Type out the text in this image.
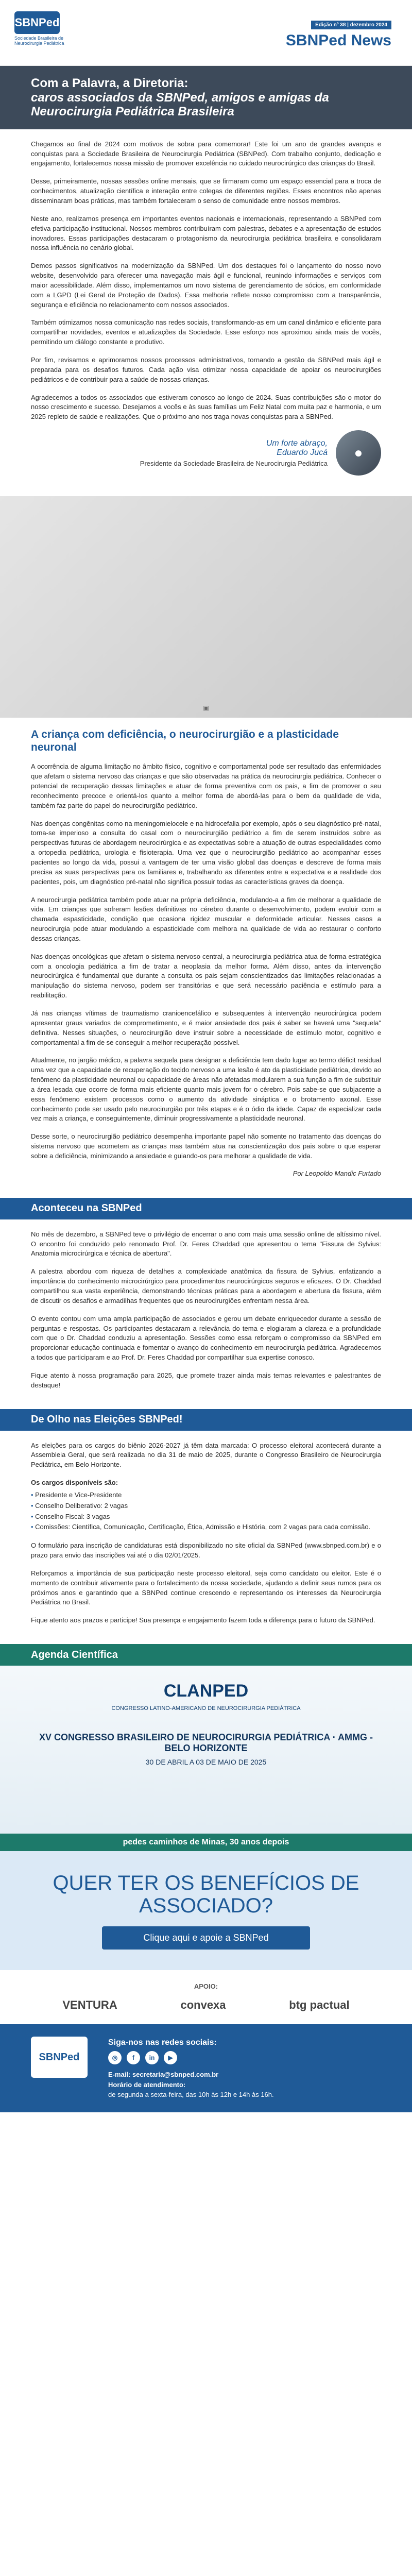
SBNPed
Sociedade Brasileira de Neurocirurgia Pediátrica
Edição nº 38 | dezembro 2024
SBNPed News
Com a Palavra, a Diretoria:
caros associados da SBNPed, amigos e amigas da Neurocirurgia Pediátrica Brasileira

Chegamos ao final de 2024 com motivos de sobra para comemorar! Este foi um ano de grandes avanços e conquistas para a Sociedade Brasileira de Neurocirurgia Pediátrica (SBNPed). Com trabalho conjunto, dedicação e engajamento, fortalecemos nossa missão de promover excelência no cuidado neurocirúrgico das crianças do Brasil.

Desse, primeiramente, nossas sessões online mensais, que se firmaram como um espaço essencial para a troca de conhecimentos, atualização científica e interação entre colegas de diferentes regiões. Esses encontros não apenas disseminaram boas práticas, mas também fortaleceram o senso de comunidade entre nossos membros.

Neste ano, realizamos presença em importantes eventos nacionais e internacionais, representando a SBNPed com efetiva participação institucional. Nossos membros contribuíram com palestras, debates e a apresentação de estudos inovadores. Essas participações destacaram o protagonismo da neurocirurgia pediátrica brasileira e consolidaram nossa influência no cenário global.

Demos passos significativos na modernização da SBNPed. Um dos destaques foi o lançamento do nosso novo website, desenvolvido para oferecer uma navegação mais ágil e funcional, reunindo informações e serviços com maior acessibilidade. Além disso, implementamos um novo sistema de gerenciamento de sócios, em conformidade com a LGPD (Lei Geral de Proteção de Dados). Essa melhoria reflete nosso compromisso com a transparência, segurança e eficiência no relacionamento com nossos associados.

Também otimizamos nossa comunicação nas redes sociais, transformando-as em um canal dinâmico e eficiente para compartilhar novidades, eventos e atualizações da Sociedade. Esse esforço nos aproximou ainda mais de vocês, permitindo um diálogo constante e produtivo.

Por fim, revisamos e aprimoramos nossos processos administrativos, tornando a gestão da SBNPed mais ágil e preparada para os desafios futuros. Cada ação visa otimizar nossa capacidade de apoiar os neurocirurgiões pediátricos e de contribuir para a saúde de nossas crianças.

Agradecemos a todos os associados que estiveram conosco ao longo de 2024. Suas contribuições são o motor do nosso crescimento e sucesso. Desejamos a vocês e às suas famílias um Feliz Natal com muita paz e harmonia, e um 2025 repleto de saúde e realizações. Que o próximo ano nos traga novas conquistas para a SBNPed.

Um forte abraço,
Eduardo Jucá
Presidente da Sociedade Brasileira de Neurocirurgia Pediátrica
●
▣
A criança com deficiência, o neurocirurgião e a plasticidade neuronal

A ocorrência de alguma limitação no âmbito físico, cognitivo e comportamental pode ser resultado das enfermidades que afetam o sistema nervoso das crianças e que são observadas na prática da neurocirurgia pediátrica. Conhecer o potencial de recuperação dessas limitações e atuar de forma preventiva com os pais, a fim de promover o seu reconhecimento precoce e orientá-los quanto a melhor forma de abordá-las para o bem da qualidade de vida, também faz parte do papel do neurocirurgião pediátrico.

Nas doenças congênitas como na meningomielocele e na hidrocefalia por exemplo, após o seu diagnóstico pré-natal, torna-se imperioso a consulta do casal com o neurocirurgião pediátrico a fim de serem instruídos sobre as perspectivas futuras de abordagem neurocirúrgica e as expectativas sobre a atuação de outras especialidades como a ortopedia pediátrica, urologia e fisioterapia. Uma vez que o neurocirurgião pediátrico ao acompanhar esses pacientes ao longo da vida, possui a vantagem de ter uma visão global das doenças e descreve de forma mais precisa as suas perspectivas para os familiares e, trabalhando as diferentes entre a expectativa e a realidade dos pacientes, pois, um diagnóstico pré-natal não significa possuir todas as características graves da doença.

A neurocirurgia pediátrica também pode atuar na própria deficiência, modulando-a a fim de melhorar a qualidade de vida. Em crianças que sofreram lesões definitivas no cérebro durante o desenvolvimento, podem evoluir com a chamada espasticidade, condição que ocasiona rigidez muscular e deformidade articular. Nesses casos a neurocirurgia pode atuar modulando a espasticidade com melhora na qualidade de vida ao restaurar o conforto dessas crianças.

Nas doenças oncológicas que afetam o sistema nervoso central, a neurocirurgia pediátrica atua de forma estratégica com a oncologia pediátrica a fim de tratar a neoplasia da melhor forma. Além disso, antes da intervenção neurocirúrgica é fundamental que durante a consulta os pais sejam conscientizados das limitações relacionadas a manipulação do sistema nervoso, podem ser transitórias e que será necessário paciência e estímulo para a reabilitação.

Já nas crianças vítimas de traumatismo cranioencefálico e subsequentes à intervenção neurocirúrgica podem apresentar graus variados de comprometimento, e é maior ansiedade dos pais é saber se haverá uma "sequela" definitiva. Nesses situações, o neurocirurgião deve instruir sobre a necessidade de estímulo motor, cognitivo e comportamental a fim de se conseguir a melhor recuperação possível.

Atualmente, no jargão médico, a palavra sequela para designar a deficiência tem dado lugar ao termo déficit residual uma vez que a capacidade de recuperação do tecido nervoso a uma lesão é ato da plasticidade pediátrica, devido ao fenômeno da plasticidade neuronal ou capacidade de áreas não afetadas modularem a sua função a fim de substituir a área lesada que ocorre de forma mais eficiente quanto mais jovem for o cérebro. Pois sabe-se que subjacente a essa fenômeno existem processos como o aumento da atividade sináptica e o brotamento axonal. Esse conhecimento pode ser usado pelo neurocirurgião por três etapas e é o ódio da idade. Capaz de especializar cada vez mais a criança, e conseguintemente, diminuir progressivamente a plasticidade neuronal.

Desse sorte, o neurocirurgião pediátrico desempenha importante papel não somente no tratamento das doenças do sistema nervoso que acometem as crianças mas também atua na conscientização dos pais sobre o que esperar sobre a deficiência, minimizando a ansiedade e guiando-os para melhorar a qualidade de vida.

Por Leopoldo Mandic Furtado
Aconteceu na SBNPed

No mês de dezembro, a SBNPed teve o privilégio de encerrar o ano com mais uma sessão online de altíssimo nível. O encontro foi conduzido pelo renomado Prof. Dr. Feres Chaddad que apresentou o tema "Fissura de Sylvius: Anatomia microcirúrgica e técnica de abertura".

A palestra abordou com riqueza de detalhes a complexidade anatômica da fissura de Sylvius, enfatizando a importância do conhecimento microcirúrgico para procedimentos neurocirúrgicos seguros e eficazes. O Dr. Chaddad compartilhou sua vasta experiência, demonstrando técnicas práticas para a abordagem e abertura da fissura, além de discutir os desafios e armadilhas frequentes que os neurocirurgiões enfrentam nessa área.

O evento contou com uma ampla participação de associados e gerou um debate enriquecedor durante a sessão de perguntas e respostas. Os participantes destacaram a relevância do tema e elogiaram a clareza e a profundidade com que o Dr. Chaddad conduziu a apresentação. Sessões como essa reforçam o compromisso da SBNPed em proporcionar educação continuada e fomentar o avanço do conhecimento em neurocirurgia pediátrica. Agradecemos a todos que participaram e ao Prof. Dr. Feres Chaddad por compartilhar sua expertise conosco.

Fique atento à nossa programação para 2025, que promete trazer ainda mais temas relevantes e palestrantes de destaque!

De Olho nas Eleições SBNPed!

As eleições para os cargos do biênio 2026-2027 já têm data marcada: O processo eleitoral acontecerá durante a Assembleia Geral, que será realizada no dia 31 de maio de 2025, durante o Congresso Brasileiro de Neurocirurgia Pediátrica, em Belo Horizonte.

Os cargos disponíveis são:

• Presidente e Vice-Presidente
• Conselho Deliberativo: 2 vagas
• Conselho Fiscal: 3 vagas
• Comissões: Científica, Comunicação, Certificação, Ética, Admissão e História, com 2 vagas para cada comissão.

O formulário para inscrição de candidaturas está disponibilizado no site oficial da SBNPed (www.sbnped.com.br) e o prazo para envio das inscrições vai até o dia 02/01/2025.

Reforçamos a importância de sua participação neste processo eleitoral, seja como candidato ou eleitor. Este é o momento de contribuir ativamente para o fortalecimento da nossa sociedade, ajudando a definir seus rumos para os próximos anos e garantindo que a SBNPed continue crescendo e representando os interesses da Neurocirurgia Pediátrica no Brasil.

Fique atento aos prazos e participe! Sua presença e engajamento fazem toda a diferença para o futuro da SBNPed.

Agenda Científica
CLANPED
CONGRESSO LATINO-AMERICANO DE NEUROCIRURGIA PEDIÁTRICA
XV CONGRESSO BRASILEIRO DE NEUROCIRURGIA PEDIÁTRICA · AMMG - BELO HORIZONTE
30 DE ABRIL A 03 DE MAIO DE 2025
pedes caminhos de Minas, 30 anos depois
QUER TER OS BENEFÍCIOS DE ASSOCIADO?
Clique aqui e apoie a SBNPed
APOIO:
VENTURA	convexa	btg pactual
SBNPed
Siga-nos nas redes sociais:
◎	f	in	▶
E-mail: secretaria@sbnped.com.br
Horário de atendimento:
de segunda a sexta-feira, das 10h às 12h e 14h às 16h.
